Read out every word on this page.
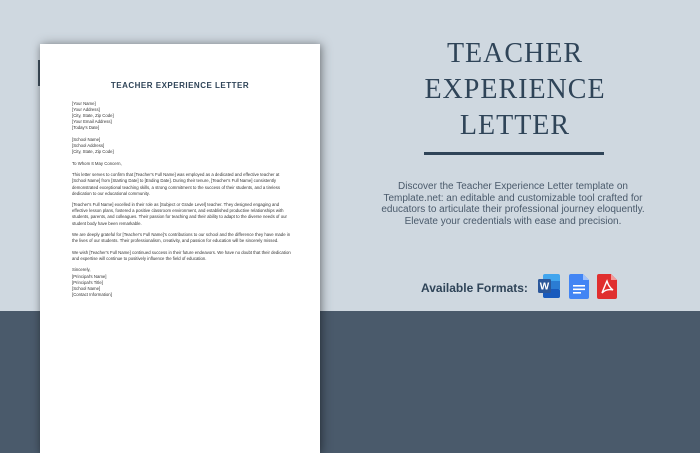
TEACHER EXPERIENCE LETTER

[Your Name]
[Your Address]
[City, State, Zip Code]
[Your Email Address]
[Today's Date]

[School Name]
[School Address]
[City, State, Zip Code]

To Whom It May Concern,

This letter serves to confirm that [Teacher's Full Name] was employed as a dedicated and effective teacher at [School Name] from [Starting Date] to [Ending Date]. During their tenure, [Teacher's Full Name] consistently demonstrated exceptional teaching skills, a strong commitment to the success of their students, and a tireless dedication to our educational community.

[Teacher's Full Name] excelled in their role as [Subject or Grade Level] teacher. They designed engaging and effective lesson plans, fostered a positive classroom environment, and established productive relationships with students, parents, and colleagues. Their passion for teaching and their ability to adapt to the diverse needs of our student body have been remarkable.

We are deeply grateful for [Teacher's Full Name]'s contributions to our school and the difference they have made in the lives of our students. Their professionalism, creativity, and passion for education will be sincerely missed.

We wish [Teacher's Full Name] continued success in their future endeavors. We have no doubt that their dedication and expertise will continue to positively influence the field of education.

Sincerely,
[Principal's Name]
[Principal's Title]
[School Name]
[Contact Information]

TEACHER
EXPERIENCE
LETTER
Discover the Teacher Experience Letter template on Template.net: an editable and customizable tool crafted for educators to articulate their professional journey eloquently. Elevate your credentials with ease and precision.
Available Formats: W
